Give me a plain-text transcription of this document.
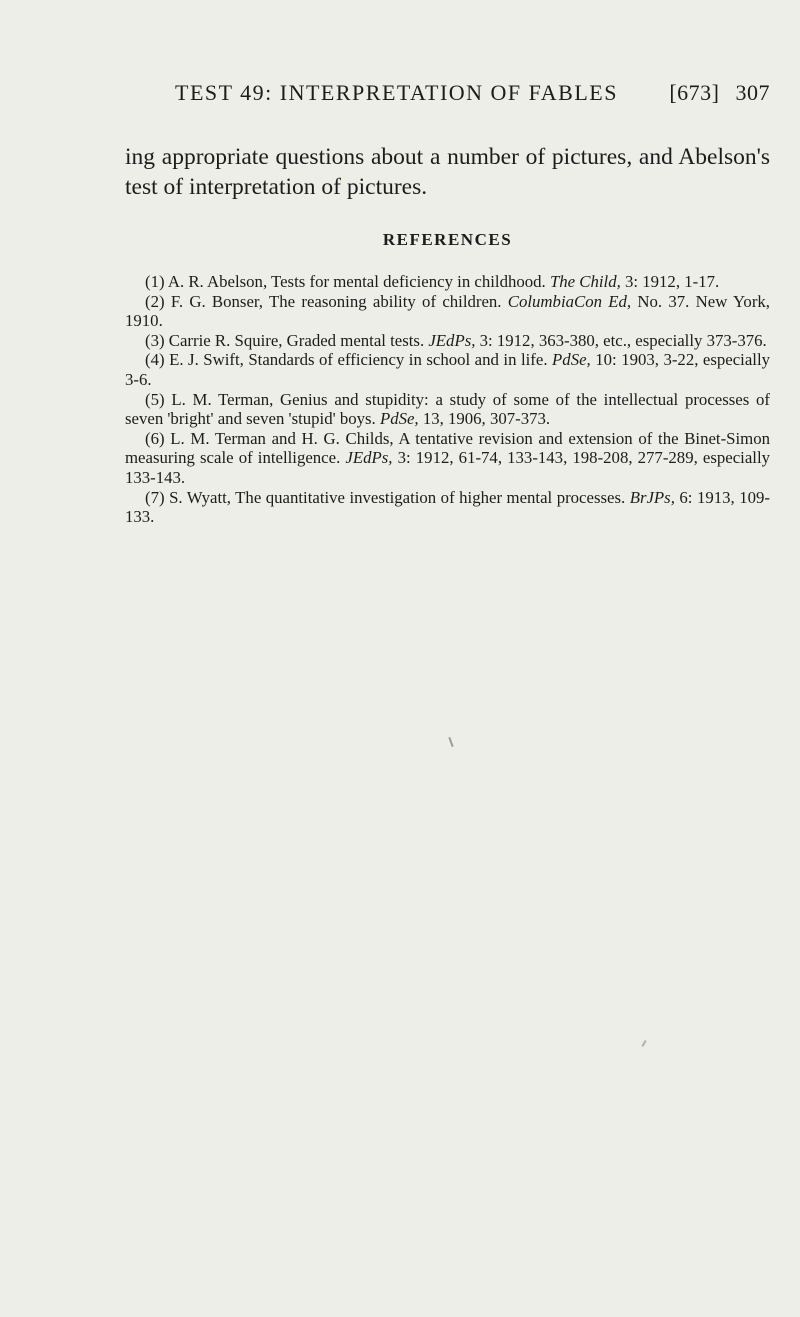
TEST 49: INTERPRETATION OF FABLES	[673] 307

ing appropriate questions about a number of pictures, and Abelson's test of interpretation of pictures.

REFERENCES

(1) A. R. Abelson, Tests for mental deficiency in childhood. The Child, 3: 1912, 1-17.

(2) F. G. Bonser, The reasoning ability of children. ColumbiaCon Ed, No. 37. New York, 1910.

(3) Carrie R. Squire, Graded mental tests. JEdPs, 3: 1912, 363-380, etc., especially 373-376.

(4) E. J. Swift, Standards of efficiency in school and in life. PdSe, 10: 1903, 3-22, especially 3-6.

(5) L. M. Terman, Genius and stupidity: a study of some of the intellectual processes of seven 'bright' and seven 'stupid' boys. PdSe, 13, 1906, 307-373.

(6) L. M. Terman and H. G. Childs, A tentative revision and extension of the Binet-Simon measuring scale of intelligence. JEdPs, 3: 1912, 61-74, 133-143, 198-208, 277-289, especially 133-143.

(7) S. Wyatt, The quantitative investigation of higher mental processes. BrJPs, 6: 1913, 109-133.
